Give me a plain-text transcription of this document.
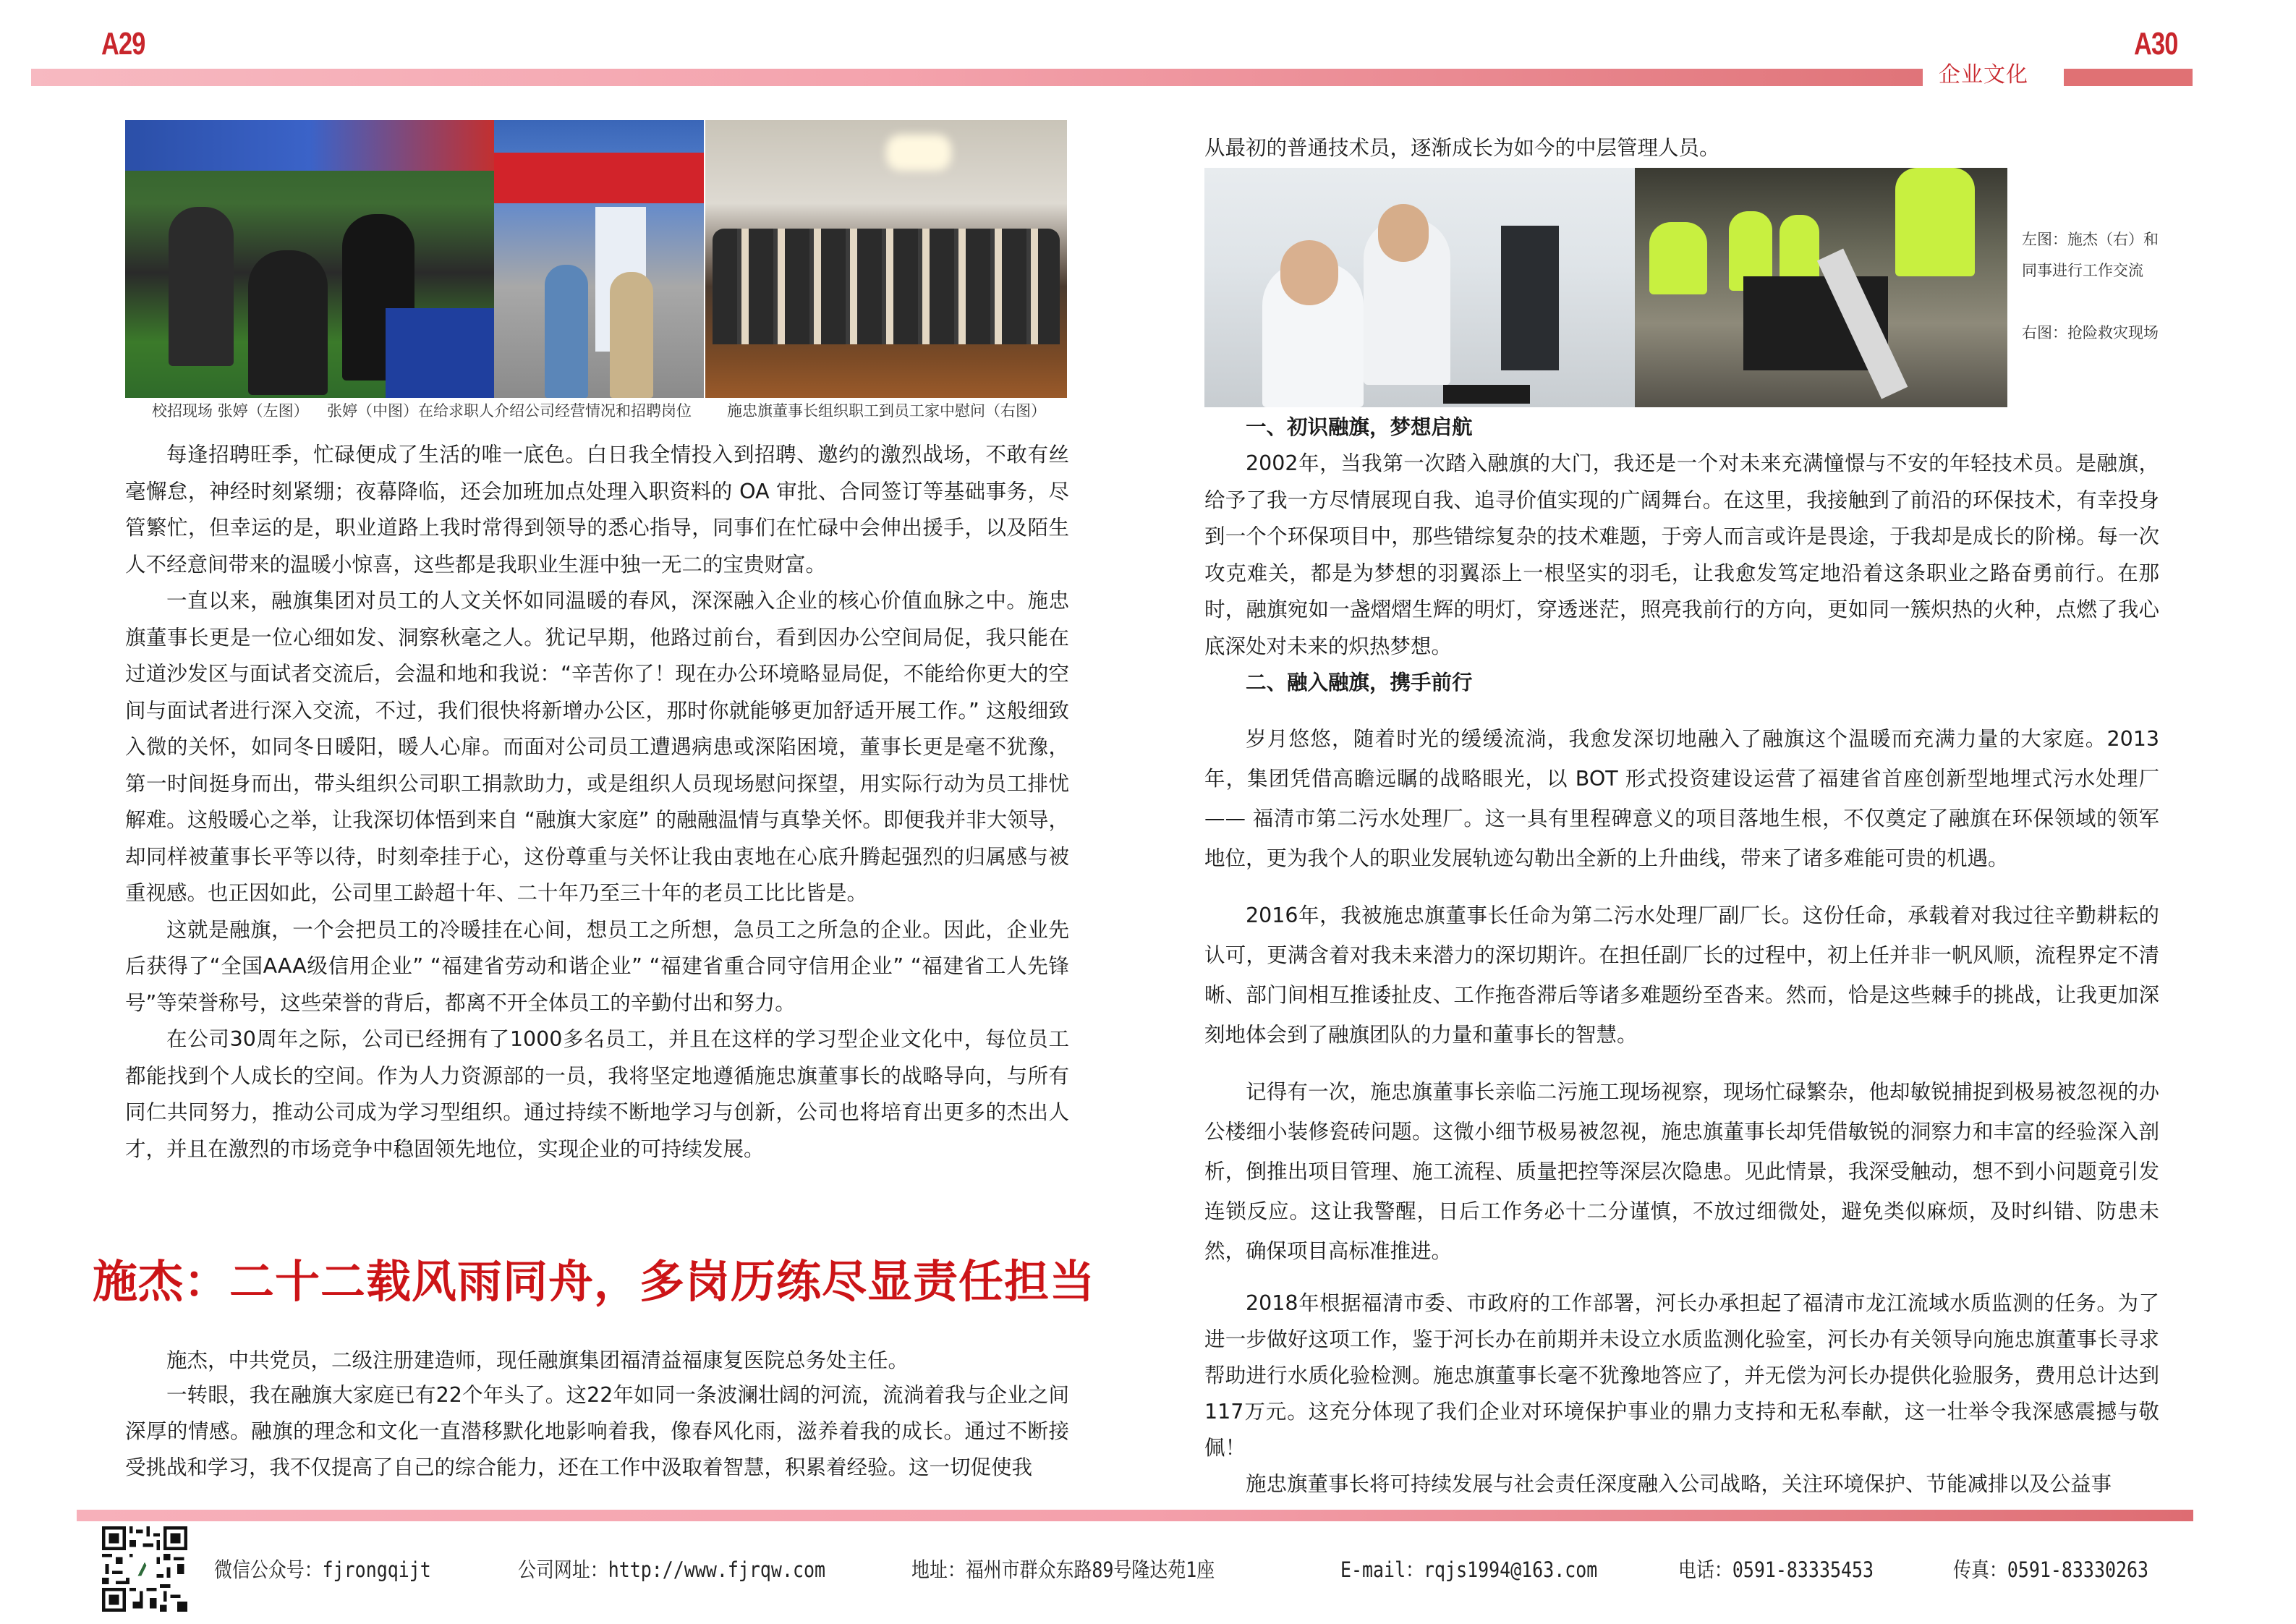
A29	A30
企业文化
校招现场 张婷（左图） 张婷（中图）在给求职人介绍公司经营情况和招聘岗位 施忠旗董事长组织职工到员工家中慰问（右图）

每逢招聘旺季，忙碌便成了生活的唯一底色。白日我全情投入到招聘、邀约的激烈战场，不敢有丝毫懈怠，神经时刻紧绷；夜幕降临，还会加班加点处理入职资料的 OA 审批、合同签订等基础事务，尽管繁忙，但幸运的是，职业道路上我时常得到领导的悉心指导，同事们在忙碌中会伸出援手，以及陌生人不经意间带来的温暖小惊喜，这些都是我职业生涯中独一无二的宝贵财富。

一直以来，融旗集团对员工的人文关怀如同温暖的春风，深深融入企业的核心价值血脉之中。施忠旗董事长更是一位心细如发、洞察秋毫之人。犹记早期，他路过前台，看到因办公空间局促，我只能在过道沙发区与面试者交流后，会温和地和我说：“辛苦你了！现在办公环境略显局促，不能给你更大的空间与面试者进行深入交流，不过，我们很快将新增办公区，那时你就能够更加舒适开展工作。” 这般细致入微的关怀，如同冬日暖阳，暖人心扉。而面对公司员工遭遇病患或深陷困境，董事长更是毫不犹豫，第一时间挺身而出，带头组织公司职工捐款助力，或是组织人员现场慰问探望，用实际行动为员工排忧解难。这般暖心之举，让我深切体悟到来自 “融旗大家庭” 的融融温情与真挚关怀。即便我并非大领导，却同样被董事长平等以待，时刻牵挂于心，这份尊重与关怀让我由衷地在心底升腾起强烈的归属感与被重视感。也正因如此，公司里工龄超十年、二十年乃至三十年的老员工比比皆是。

这就是融旗，一个会把员工的冷暖挂在心间，想员工之所想，急员工之所急的企业。因此，企业先后获得了“全国AAA级信用企业” “福建省劳动和谐企业” “福建省重合同守信用企业” “福建省工人先锋号”等荣誉称号，这些荣誉的背后，都离不开全体员工的辛勤付出和努力。

在公司30周年之际，公司已经拥有了1000多名员工，并且在这样的学习型企业文化中，每位员工都能找到个人成长的空间。作为人力资源部的一员，我将坚定地遵循施忠旗董事长的战略导向，与所有同仁共同努力，推动公司成为学习型组织。通过持续不断地学习与创新，公司也将培育出更多的杰出人才，并且在激烈的市场竞争中稳固领先地位，实现企业的可持续发展。

施杰：二十二载风雨同舟，多岗历练尽显责任担当

施杰，中共党员，二级注册建造师，现任融旗集团福清益福康复医院总务处主任。

一转眼，我在融旗大家庭已有22个年头了。这22年如同一条波澜壮阔的河流，流淌着我与企业之间深厚的情感。融旗的理念和文化一直潜移默化地影响着我，像春风化雨，滋养着我的成长。通过不断接受挑战和学习，我不仅提高了自己的综合能力，还在工作中汲取着智慧，积累着经验。这一切促使我

从最初的普通技术员，逐渐成长为如今的中层管理人员。

左图：施杰（右）和
同事进行工作交流
右图：抢险救灾现场

一、初识融旗，梦想启航

2002年，当我第一次踏入融旗的大门，我还是一个对未来充满憧憬与不安的年轻技术员。是融旗，给予了我一方尽情展现自我、追寻价值实现的广阔舞台。在这里，我接触到了前沿的环保技术，有幸投身到一个个环保项目中，那些错综复杂的技术难题，于旁人而言或许是畏途，于我却是成长的阶梯。每一次攻克难关，都是为梦想的羽翼添上一根坚实的羽毛，让我愈发笃定地沿着这条职业之路奋勇前行。在那时，融旗宛如一盏熠熠生辉的明灯，穿透迷茫，照亮我前行的方向，更如同一簇炽热的火种，点燃了我心底深处对未来的炽热梦想。

二、融入融旗，携手前行

岁月悠悠，随着时光的缓缓流淌，我愈发深切地融入了融旗这个温暖而充满力量的大家庭。2013年，集团凭借高瞻远瞩的战略眼光，以 BOT 形式投资建设运营了福建省首座创新型地埋式污水处理厂—— 福清市第二污水处理厂。这一具有里程碑意义的项目落地生根，不仅奠定了融旗在环保领域的领军地位，更为我个人的职业发展轨迹勾勒出全新的上升曲线，带来了诸多难能可贵的机遇。

2016年，我被施忠旗董事长任命为第二污水处理厂副厂长。这份任命，承载着对我过往辛勤耕耘的认可，更满含着对我未来潜力的深切期许。在担任副厂长的过程中，初上任并非一帆风顺，流程界定不清晰、部门间相互推诿扯皮、工作拖沓滞后等诸多难题纷至沓来。然而，恰是这些棘手的挑战，让我更加深刻地体会到了融旗团队的力量和董事长的智慧。

记得有一次，施忠旗董事长亲临二污施工现场视察，现场忙碌繁杂，他却敏锐捕捉到极易被忽视的办公楼细小装修瓷砖问题。这微小细节极易被忽视，施忠旗董事长却凭借敏锐的洞察力和丰富的经验深入剖析，倒推出项目管理、施工流程、质量把控等深层次隐患。见此情景，我深受触动，想不到小问题竟引发连锁反应。这让我警醒，日后工作务必十二分谨慎，不放过细微处，避免类似麻烦，及时纠错、防患未然，确保项目高标准推进。

2018年根据福清市委、市政府的工作部署，河长办承担起了福清市龙江流域水质监测的任务。为了进一步做好这项工作，鉴于河长办在前期并未设立水质监测化验室，河长办有关领导向施忠旗董事长寻求帮助进行水质化验检测。施忠旗董事长毫不犹豫地答应了，并无偿为河长办提供化验服务，费用总计达到117万元。这充分体现了我们企业对环境保护事业的鼎力支持和无私奉献，这一壮举令我深感震撼与敬佩！

施忠旗董事长将可持续发展与社会责任深度融入公司战略，关注环境保护、节能减排以及公益事

微信公众号：fjrongqijt	公司网址：http://www.fjrqw.com	地址：福州市群众东路89号隆达苑1座	E-mail：rqjs1994@163.com	电话：0591-83335453	传真：0591-83330263
